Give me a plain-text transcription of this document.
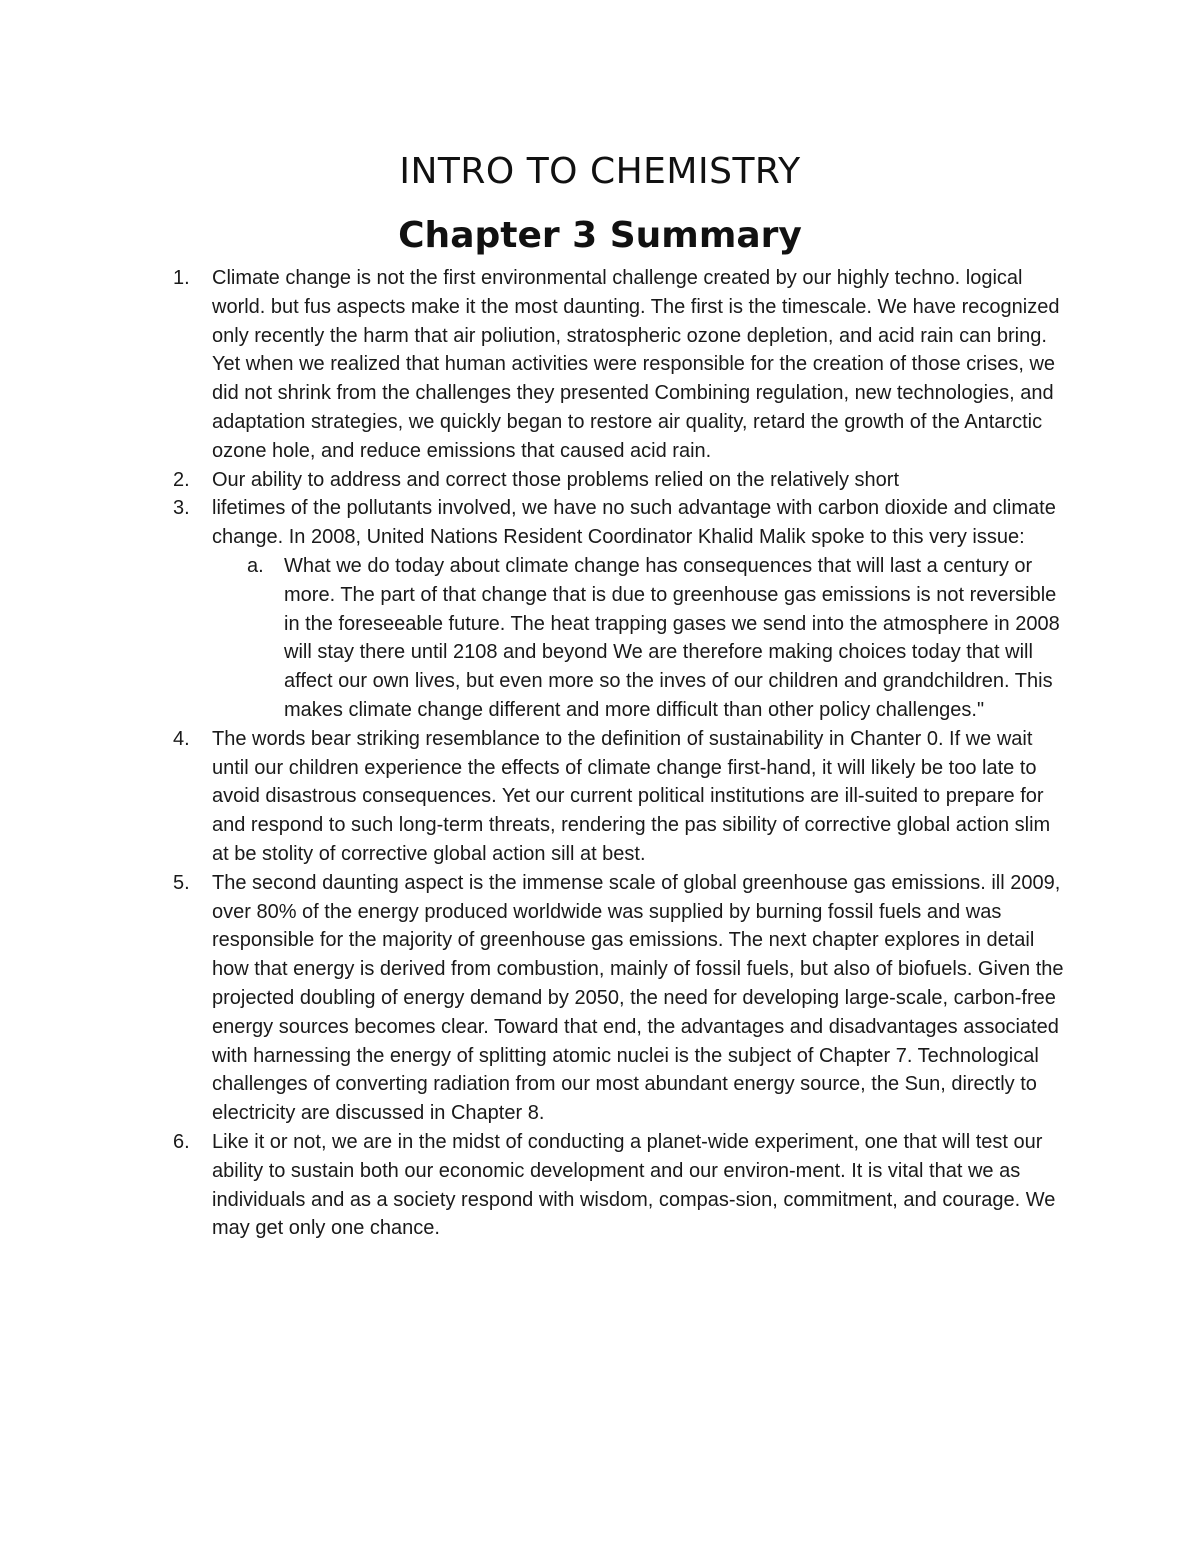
INTRO TO CHEMISTRY
Chapter 3 Summary
1. Climate change is not the first environmental challenge created by our highly techno. logical world. but fus aspects make it the most daunting. The first is the timescale. We have recognized only recently the harm that air poliution, stratospheric ozone depletion, and acid rain can bring. Yet when we realized that human activities were responsible for the creation of those crises, we did not shrink from the challenges they presented Combining regulation, new technologies, and adaptation strategies, we quickly began to restore air quality, retard the growth of the Antarctic ozone hole, and reduce emissions that caused acid rain.
2. Our ability to address and correct those problems relied on the relatively short
3. lifetimes of the pollutants involved, we have no such advantage with carbon dioxide and climate change. In 2008, United Nations Resident Coordinator Khalid Malik spoke to this very issue:
a. What we do today about climate change has consequences that will last a century or more. The part of that change that is due to greenhouse gas emissions is not reversible in the foreseeable future. The heat trapping gases we send into the atmosphere in 2008 will stay there until 2108 and beyond We are therefore making choices today that will affect our own lives, but even more so the inves of our children and grandchildren. This makes climate change different and more difficult than other policy challenges."
4. The words bear striking resemblance to the definition of sustainability in Chanter 0. If we wait until our children experience the effects of climate change first-hand, it will likely be too late to avoid disastrous consequences. Yet our current political institutions are ill-suited to prepare for and respond to such long-term threats, rendering the pas sibility of corrective global action slim at be stolity of corrective global action sill at best.
5. The second daunting aspect is the immense scale of global greenhouse gas emissions. ill 2009, over 80% of the energy produced worldwide was supplied by burning fossil fuels and was responsible for the majority of greenhouse gas emissions. The next chapter explores in detail how that energy is derived from combustion, mainly of fossil fuels, but also of biofuels. Given the projected doubling of energy demand by 2050, the need for developing large-scale, carbon-free energy sources becomes clear. Toward that end, the advantages and disadvantages associated with harnessing the energy of splitting atomic nuclei is the subject of Chapter 7. Technological challenges of converting radiation from our most abundant energy source, the Sun, directly to electricity are discussed in Chapter 8.
6. Like it or not, we are in the midst of conducting a planet-wide experiment, one that will test our ability to sustain both our economic development and our environ-ment. It is vital that we as individuals and as a society respond with wisdom, compas-sion, commitment, and courage. We may get only one chance.
